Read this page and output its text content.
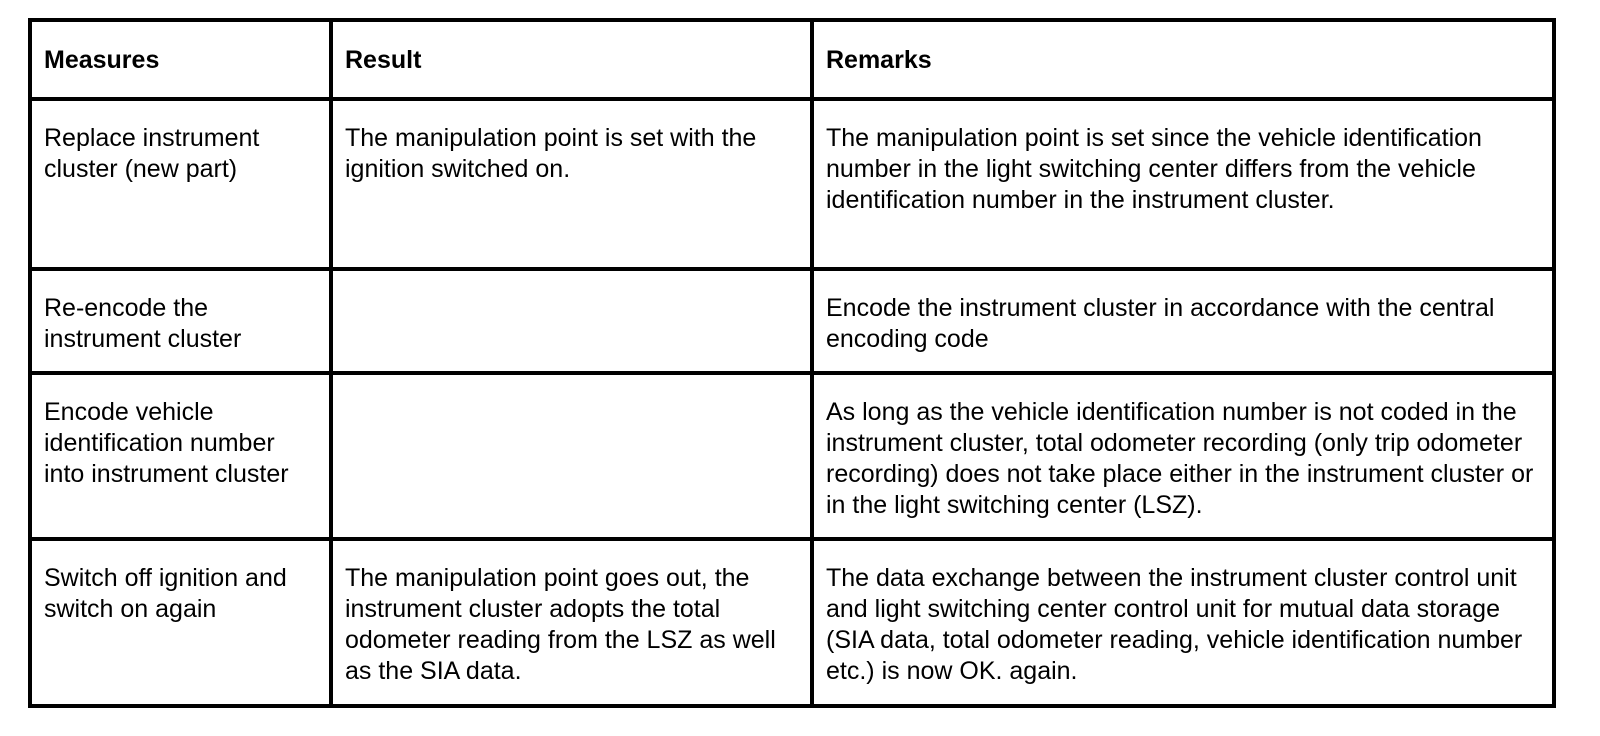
Measures	Result	Remarks

Replace instrument cluster (new part)	The manipulation point is set with the ignition switched on.	The manipulation point is set since the vehicle identification number in the light switching center differs from the vehicle identification number in the instrument cluster.

Re-encode the instrument cluster		Encode the instrument cluster in accordance with the central encoding code

Encode vehicle identification number into instrument cluster		As long as the vehicle identification number is not coded in the instrument cluster, total odometer recording (only trip odometer recording) does not take place either in the instrument cluster or in the light switching center (LSZ).

Switch off ignition and switch on again	The manipulation point goes out, the instrument cluster adopts the total odometer reading from the LSZ as well as the SIA data.	The data exchange between the instrument cluster control unit and light switching center control unit for mutual data storage (SIA data, total odometer reading, vehicle identification number etc.) is now OK. again.
